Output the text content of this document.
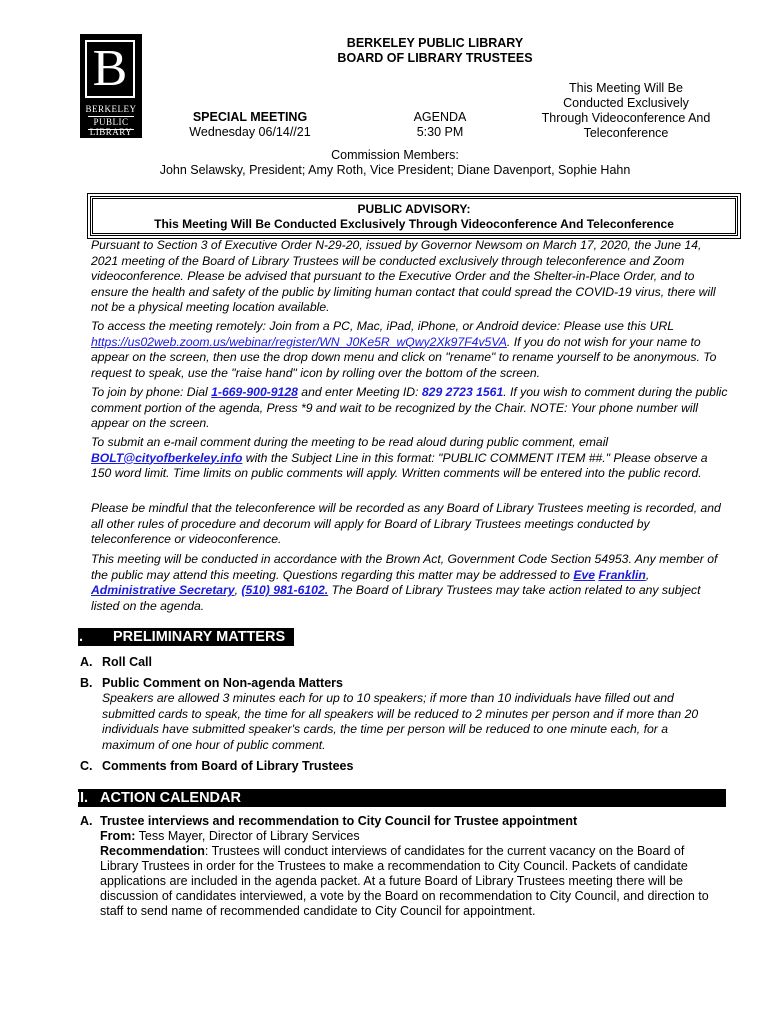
B
BERKELEY
PUBLIC
LIBRARY
BERKELEY PUBLIC LIBRARY
BOARD OF LIBRARY TRUSTEES
SPECIAL MEETING
Wednesday 06/14//21
AGENDA
5:30 PM
This Meeting Will Be
Conducted Exclusively
Through Videoconference And
Teleconference
Commission Members:
John Selawsky, President; Amy Roth, Vice President; Diane Davenport, Sophie Hahn
PUBLIC ADVISORY:
This Meeting Will Be Conducted Exclusively Through Videoconference And Teleconference

Pursuant to Section 3 of Executive Order N-29-20, issued by Governor Newsom on March 17, 2020, the June 14, 2021 meeting of the Board of Library Trustees will be conducted exclusively through teleconference and Zoom videoconference. Please be advised that pursuant to the Executive Order and the Shelter-in-Place Order, and to ensure the health and safety of the public by limiting human contact that could spread the COVID-19 virus, there will not be a physical meeting location available.

To access the meeting remotely: Join from a PC, Mac, iPad, iPhone, or Android device: Please use this URL https://us02web.zoom.us/webinar/register/WN_J0Ke5R_wQwy2Xk97F4v5VA. If you do not wish for your name to appear on the screen, then use the drop down menu and click on "rename" to rename yourself to be anonymous. To request to speak, use the "raise hand" icon by rolling over the bottom of the screen.
To join by phone: Dial 1-669-900-9128 and enter Meeting ID: 829 2723 1561. If you wish to comment during the public comment portion of the agenda, Press *9 and wait to be recognized by the Chair. NOTE: Your phone number will appear on the screen.
To submit an e-mail comment during the meeting to be read aloud during public comment, email BOLT@cityofberkeley.info with the Subject Line in this format: "PUBLIC COMMENT ITEM ##." Please observe a 150 word limit. Time limits on public comments will apply. Written comments will be entered into the public record.

Please be mindful that the teleconference will be recorded as any Board of Library Trustees meeting is recorded, and all other rules of procedure and decorum will apply for Board of Library Trustees meetings conducted by teleconference or videoconference.

This meeting will be conducted in accordance with the Brown Act, Government Code Section 54953. Any member of the public may attend this meeting. Questions regarding this matter may be addressed to Eve Franklin, Administrative Secretary, (510) 981-6102. The Board of Library Trustees may take action related to any subject listed on the agenda.
I. PRELIMINARY MATTERS
A. Roll Call
B. Public Comment on Non-agenda Matters
Speakers are allowed 3 minutes each for up to 10 speakers; if more than 10 individuals have filled out and submitted cards to speak, the time for all speakers will be reduced to 2 minutes per person and if more than 20 individuals have submitted speaker's cards, the time per person will be reduced to one minute each, for a maximum of one hour of public comment.
C. Comments from Board of Library Trustees
II. ACTION CALENDAR
A. Trustee interviews and recommendation to City Council for Trustee appointment
From: Tess Mayer, Director of Library Services
Recommendation: Trustees will conduct interviews of candidates for the current vacancy on the Board of Library Trustees in order for the Trustees to make a recommendation to City Council. Packets of candidate applications are included in the agenda packet. At a future Board of Library Trustees meeting there will be discussion of candidates interviewed, a vote by the Board on recommendation to City Council, and direction to staff to send name of recommended candidate to City Council for appointment.
